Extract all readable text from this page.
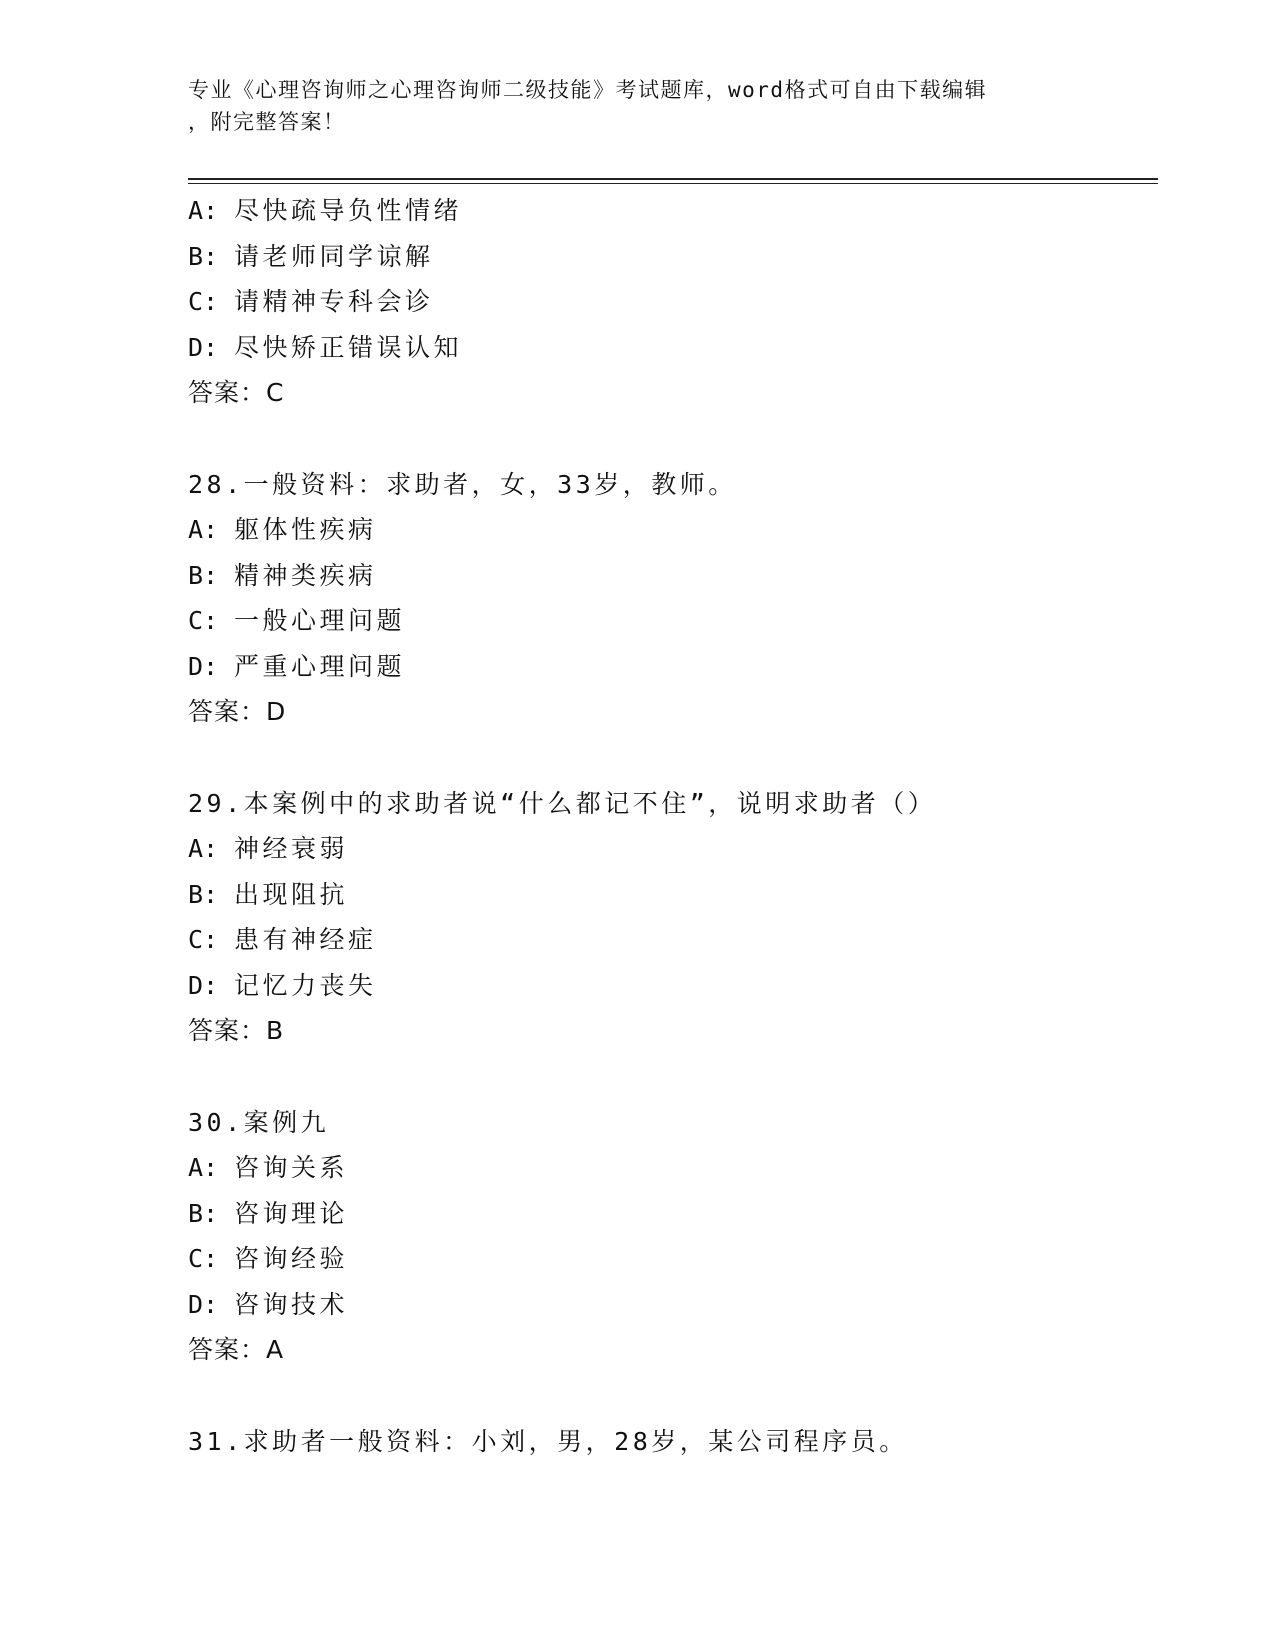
专业《心理咨询师之心理咨询师二级技能》考试题库，word格式可自由下载编辑
，附完整答案！
A: 尽快疏导负性情绪
B: 请老师同学谅解
C: 请精神专科会诊
D: 尽快矫正错误认知
答案：C
28.一般资料：求助者，女，33岁，教师。
A: 躯体性疾病
B: 精神类疾病
C: 一般心理问题
D: 严重心理问题
答案：D
29.本案例中的求助者说“什么都记不住”，说明求助者（）
A: 神经衰弱
B: 出现阻抗
C: 患有神经症
D: 记忆力丧失
答案：B
30.案例九
A: 咨询关系
B: 咨询理论
C: 咨询经验
D: 咨询技术
答案：A
31.求助者一般资料：小刘，男，28岁，某公司程序员。
